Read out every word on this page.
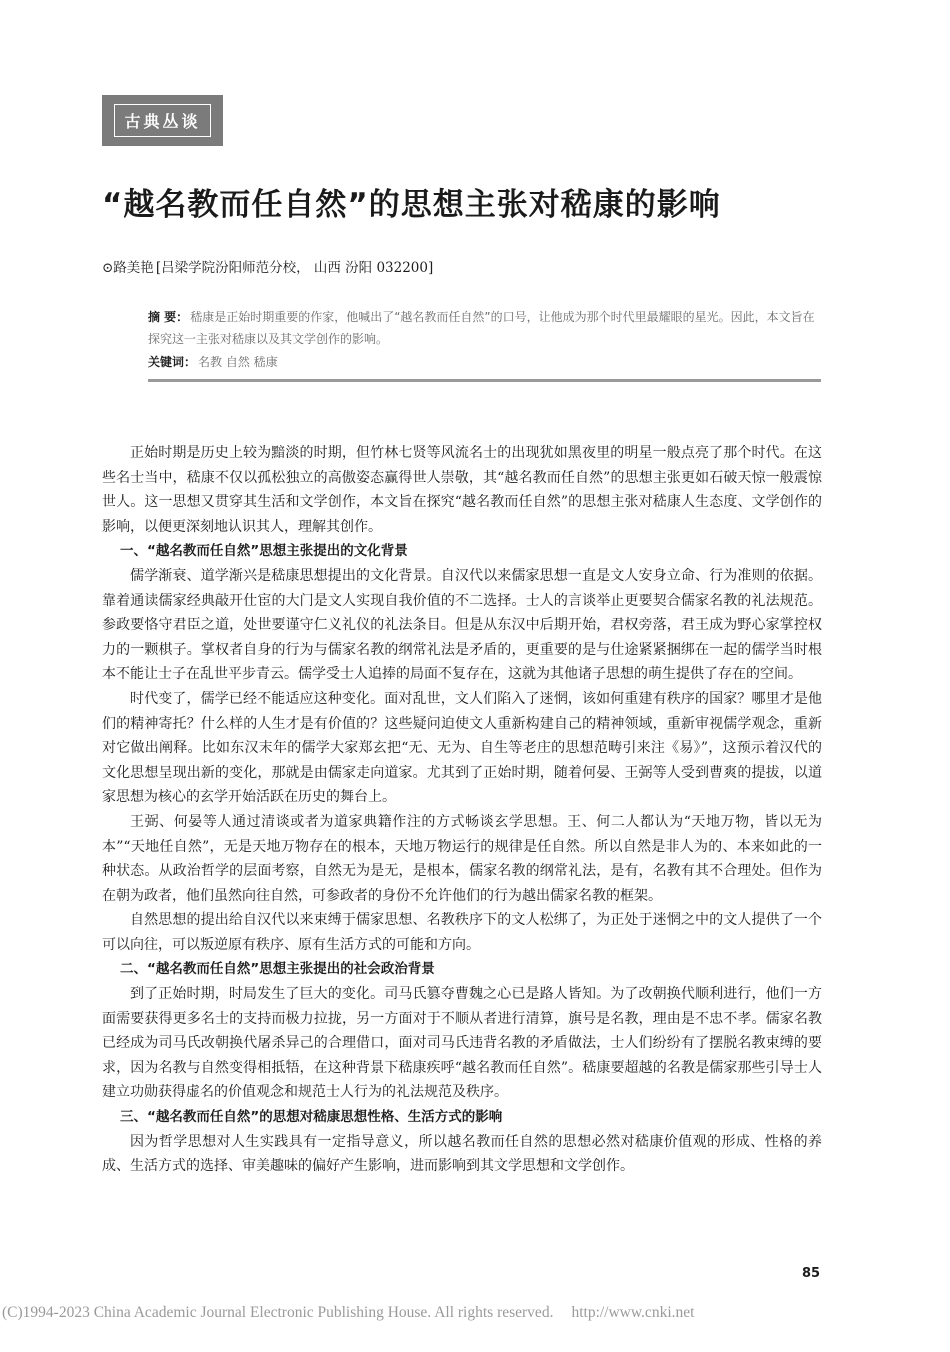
古典丛谈
“越名教而任自然”的思想主张对嵇康的影响
⊙路美艳 [吕梁学院汾阳师范分校， 山西 汾阳 032200]

摘 要： 嵇康是正始时期重要的作家，他喊出了“越名教而任自然”的口号，让他成为那个时代里最耀眼的星光。因此，本文旨在探究这一主张对嵇康以及其文学创作的影响。

关键词： 名教 自然 嵇康

正始时期是历史上较为黯淡的时期，但竹林七贤等风流名士的出现犹如黑夜里的明星一般点亮了那个时代。在这些名士当中，嵇康不仅以孤松独立的高傲姿态赢得世人崇敬，其“越名教而任自然”的思想主张更如石破天惊一般震惊世人。这一思想又贯穿其生活和文学创作，本文旨在探究“越名教而任自然”的思想主张对嵇康人生态度、文学创作的影响，以便更深刻地认识其人，理解其创作。

一、“越名教而任自然”思想主张提出的文化背景

儒学渐衰、道学渐兴是嵇康思想提出的文化背景。自汉代以来儒家思想一直是文人安身立命、行为准则的依据。靠着通读儒家经典敲开仕宦的大门是文人实现自我价值的不二选择。士人的言谈举止更要契合儒家名教的礼法规范。参政要恪守君臣之道，处世要谨守仁义礼仪的礼法条目。但是从东汉中后期开始，君权旁落，君王成为野心家掌控权力的一颗棋子。掌权者自身的行为与儒家名教的纲常礼法是矛盾的，更重要的是与仕途紧紧捆绑在一起的儒学当时根本不能让士子在乱世平步青云。儒学受士人追捧的局面不复存在，这就为其他诸子思想的萌生提供了存在的空间。

时代变了，儒学已经不能适应这种变化。面对乱世，文人们陷入了迷惘，该如何重建有秩序的国家？哪里才是他们的精神寄托？什么样的人生才是有价值的？这些疑问迫使文人重新构建自己的精神领域，重新审视儒学观念，重新对它做出阐释。比如东汉末年的儒学大家郑玄把“无、无为、自生等老庄的思想范畴引来注《易》”，这预示着汉代的文化思想呈现出新的变化，那就是由儒家走向道家。尤其到了正始时期，随着何晏、王弼等人受到曹爽的提拔，以道家思想为核心的玄学开始活跃在历史的舞台上。

王弼、何晏等人通过清谈或者为道家典籍作注的方式畅谈玄学思想。王、何二人都认为“天地万物，皆以无为本”“天地任自然”，无是天地万物存在的根本，天地万物运行的规律是任自然。所以自然是非人为的、本来如此的一种状态。从政治哲学的层面考察，自然无为是无，是根本，儒家名教的纲常礼法，是有，名教有其不合理处。但作为在朝为政者，他们虽然向往自然，可参政者的身份不允许他们的行为越出儒家名教的框架。

自然思想的提出给自汉代以来束缚于儒家思想、名教秩序下的文人松绑了，为正处于迷惘之中的文人提供了一个可以向往，可以叛逆原有秩序、原有生活方式的可能和方向。

二、“越名教而任自然”思想主张提出的社会政治背景

到了正始时期，时局发生了巨大的变化。司马氏篡夺曹魏之心已是路人皆知。为了改朝换代顺利进行，他们一方面需要获得更多名士的支持而极力拉拢，另一方面对于不顺从者进行清算，旗号是名教，理由是不忠不孝。儒家名教已经成为司马氏改朝换代屠杀异己的合理借口，面对司马氏违背名教的矛盾做法，士人们纷纷有了摆脱名教束缚的要求，因为名教与自然变得相抵牾，在这种背景下嵇康疾呼“越名教而任自然”。嵇康要超越的名教是儒家那些引导士人建立功勋获得虚名的价值观念和规范士人行为的礼法规范及秩序。

三、“越名教而任自然”的思想对嵇康思想性格、生活方式的影响

因为哲学思想对人生实践具有一定指导意义，所以越名教而任自然的思想必然对嵇康价值观的形成、性格的养成、生活方式的选择、审美趣味的偏好产生影响，进而影响到其文学思想和文学创作。

85
(C)1994-2023 China Academic Journal Electronic Publishing House. All rights reserved. http://www.cnki.net
